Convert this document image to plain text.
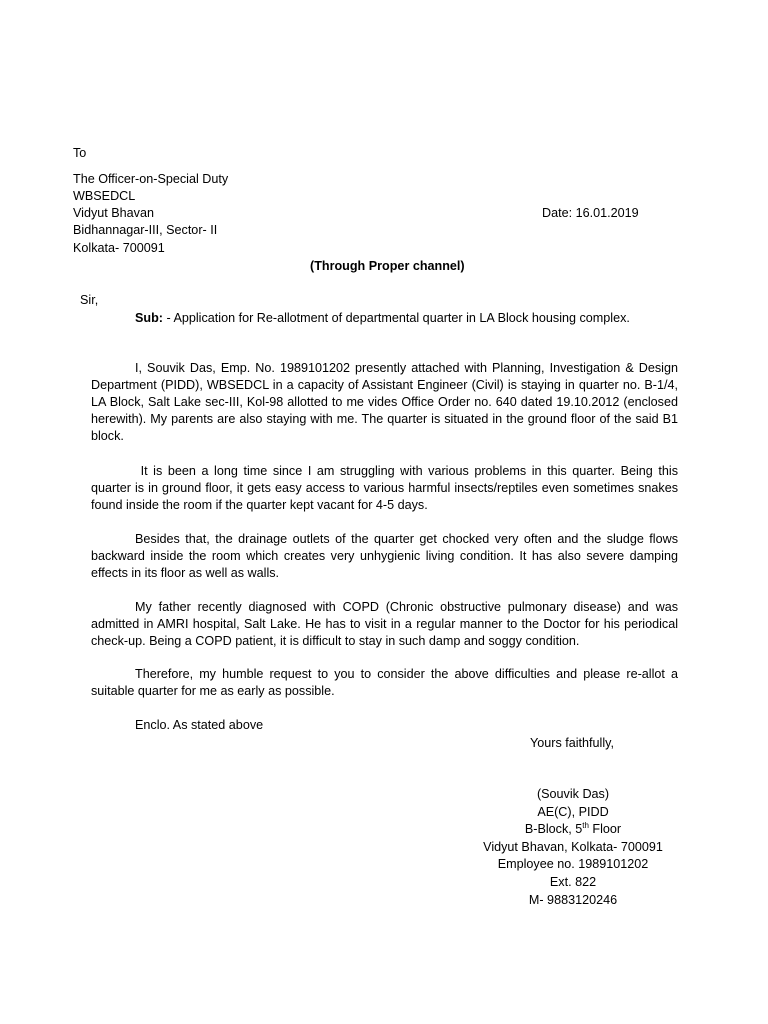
To
The Officer-on-Special Duty
WBSEDCL
Vidyut Bhavan
Bidhannagar-III, Sector- II
Kolkata- 700091
Date: 16.01.2019
(Through Proper channel)
Sir,
Sub: - Application for Re-allotment of departmental quarter in LA Block housing complex.

I, Souvik Das, Emp. No. 1989101202 presently attached with Planning, Investigation & Design Department (PIDD), WBSEDCL in a capacity of Assistant Engineer (Civil) is staying in quarter no. B-1/4, LA Block, Salt Lake sec-III, Kol-98 allotted to me vides Office Order no. 640 dated 19.10.2012 (enclosed herewith). My parents are also staying with me. The quarter is situated in the ground floor of the said B1 block.

It is been a long time since I am struggling with various problems in this quarter. Being this quarter is in ground floor, it gets easy access to various harmful insects/reptiles even sometimes snakes found inside the room if the quarter kept vacant for 4-5 days.

Besides that, the drainage outlets of the quarter get chocked very often and the sludge flows backward inside the room which creates very unhygienic living condition. It has also severe damping effects in its floor as well as walls.

My father recently diagnosed with COPD (Chronic obstructive pulmonary disease) and was admitted in AMRI hospital, Salt Lake. He has to visit in a regular manner to the Doctor for his periodical check-up. Being a COPD patient, it is difficult to stay in such damp and soggy condition.

Therefore, my humble request to you to consider the above difficulties and please re-allot a suitable quarter for me as early as possible.

Enclo. As stated above
Yours faithfully,
(Souvik Das)
AE(C), PIDD
B-Block, 5th Floor
Vidyut Bhavan, Kolkata- 700091
Employee no. 1989101202
Ext. 822
M- 9883120246
